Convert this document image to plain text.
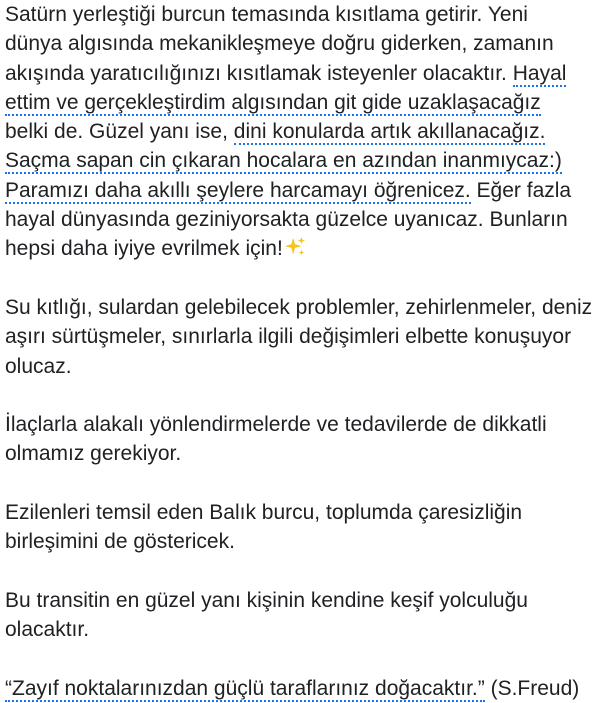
Satürn yerleştiği burcun temasında kısıtlama getirir. Yeni
dünya algısında mekanikleşmeye doğru giderken, zamanın
akışında yaratıcılığınızı kısıtlamak isteyenler olacaktır. Hayal
ettim ve gerçekleştirdim algısından git gide uzaklaşacağız
belki de. Güzel yanı ise, dini konularda artık akıllanacağız.
Saçma sapan cin çıkaran hocalara en azından inanmıycaz:)
Paramızı daha akıllı şeylere harcamayı öğrenicez. Eğer fazla
hayal dünyasında geziniyorsakta güzelce uyanıcaz. Bunların
hepsi daha iyiye evrilmek için!
Su kıtlığı, sulardan gelebilecek problemler, zehirlenmeler, deniz
aşırı sürtüşmeler, sınırlarla ilgili değişimleri elbette konuşuyor
olucaz.
İlaçlarla alakalı yönlendirmelerde ve tedavilerde de dikkatli
olmamız gerekiyor.
Ezilenleri temsil eden Balık burcu, toplumda çaresizliğin
birleşimini de göstericek.
Bu transitin en güzel yanı kişinin kendine keşif yolculuğu
olacaktır.
“Zayıf noktalarınızdan güçlü taraflarınız doğacaktır.” (S.Freud)
